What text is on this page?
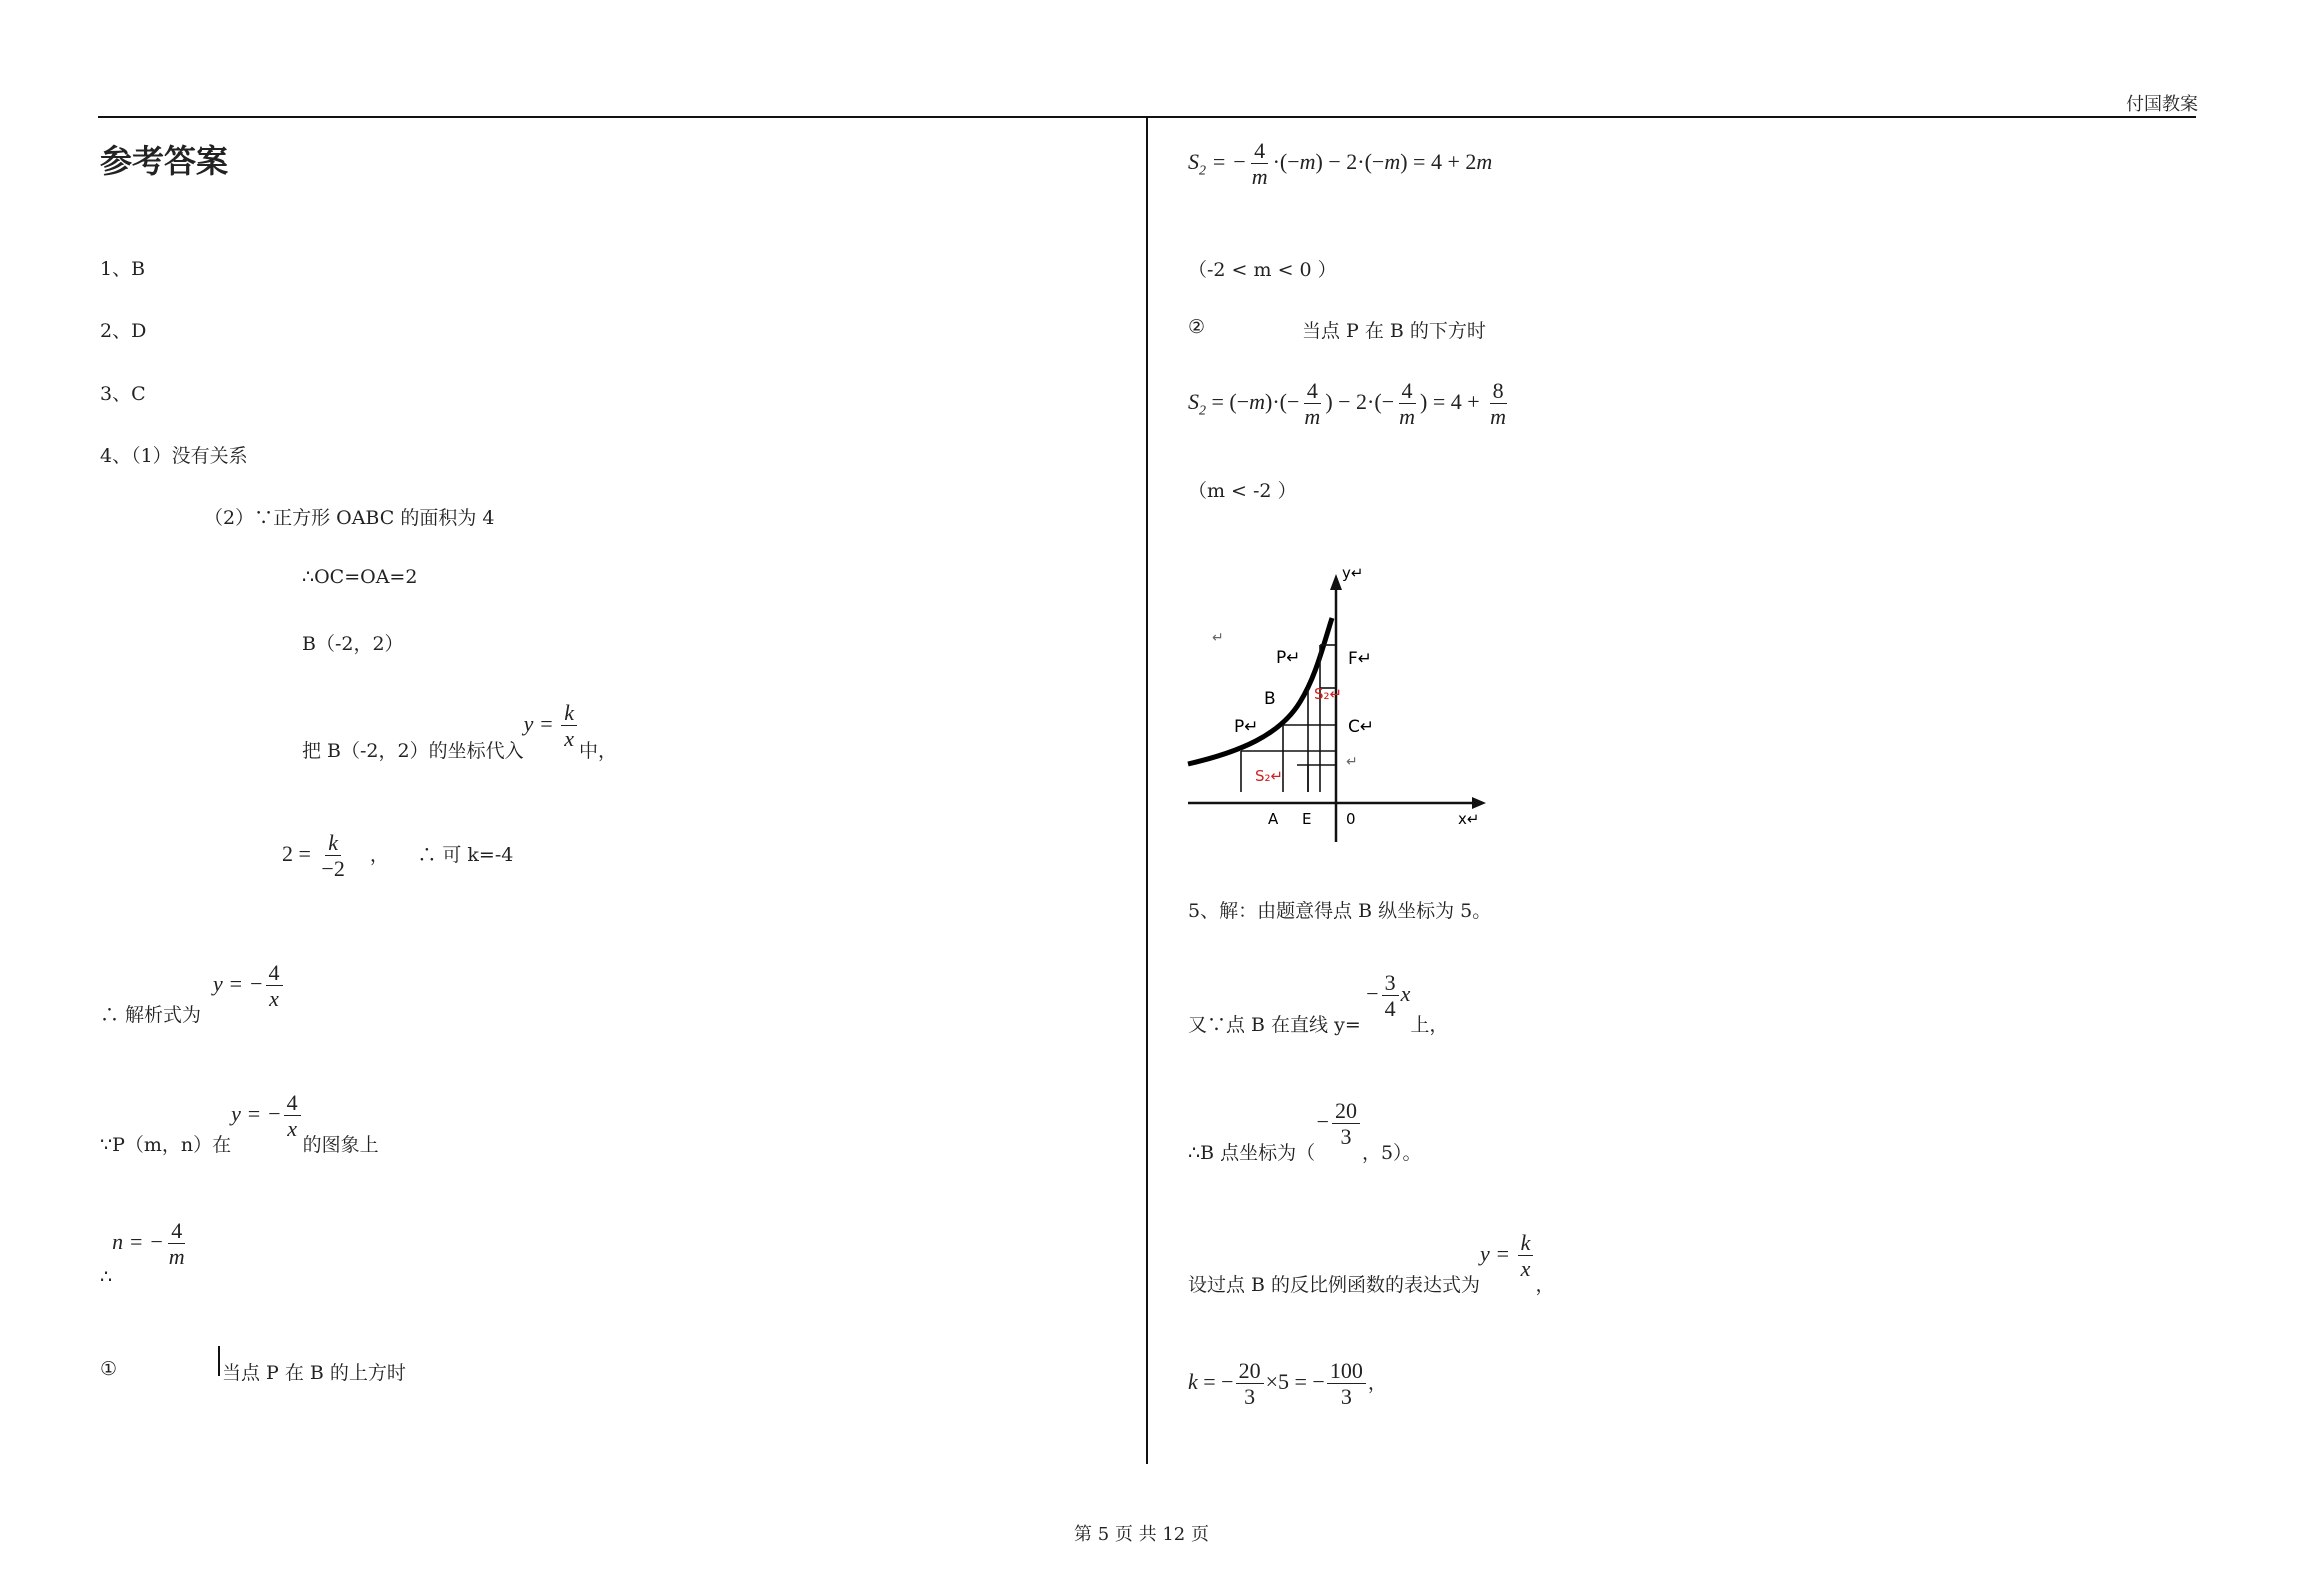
付国教案
参考答案
1、B
2、D
3、C
4、（1）没有关系
（2）∵正方形 OABC 的面积为 4
∴OC=OA=2
B（-2，2）
把 B（-2，2）的坐标代入$y = \frac{k}{x}$ 中，
$2 = \frac{k}{-2}$ ，　　∴ 可 k=-4
∴ 解析式为y = − $\frac{4}{x}$
∵P（m，n）在y = − $\frac{4}{x}$
的图象上
∴n = − $\frac{4}{m}$
①	当点 P 在 B 的上方时
$S_2$ = − $\frac{4}{m} \cdot(-m) - 2\cdot(-m) = 4 + 2m$
（-2 < m < 0 ）
②	当点 P 在 B 的下方时
$S_2 = (-m)\cdot(- \frac{4}{m}$ ) − $2\cdot(- \frac{4}{m}$ ) = $4 + \frac{8}{m}$
（m < -2 ）
y↵
x↵
0
P↵
P↵
B
F↵
C↵
A E
S₂↵
S₂↵
↵
↵
5、解：由题意得点 B 纵坐标为 5。
又∵点 B 在直线 $y=- \frac{3}{4}$ x上，
∴B 点坐标为（− $\frac{20}{3}$
，5）。
设过点 B 的反比例函数的表达式为$y = \frac{k}{x}$
，
k = − $\frac{20}{3} \times 5$ = − $\frac{100}{3}$ ，
第 5 页 共 12 页
